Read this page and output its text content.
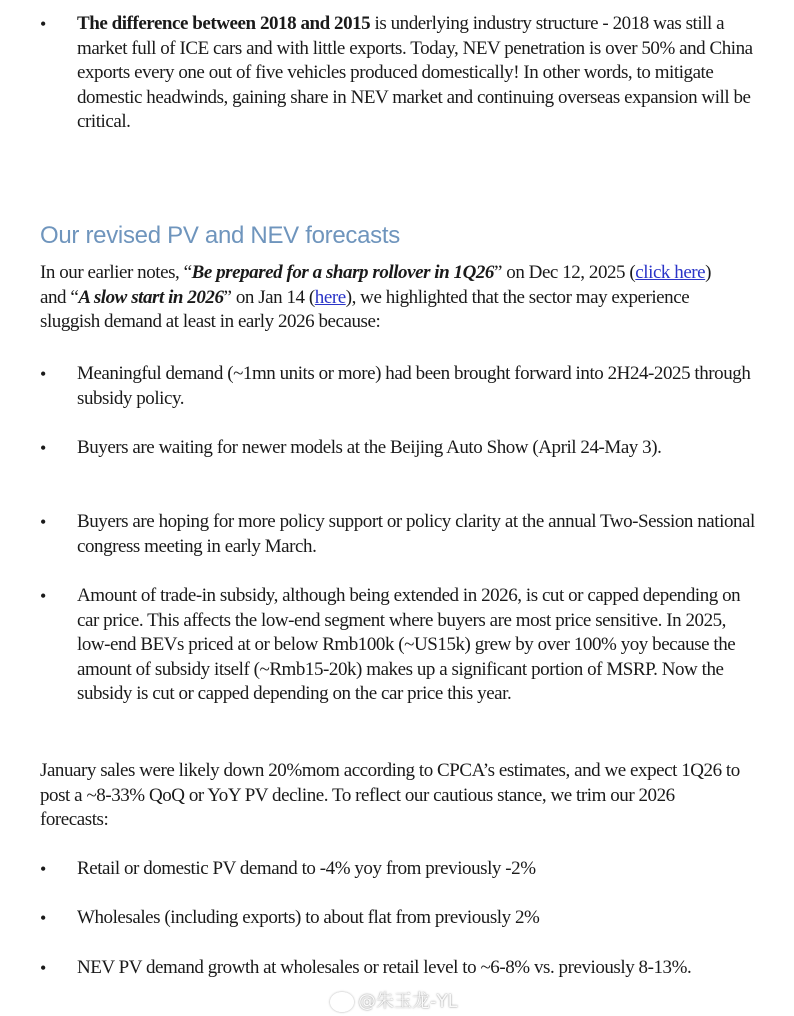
• The difference between 2018 and 2015 is underlying industry structure - 2018 was still a market full of ICE cars and with little exports. Today, NEV penetration is over 50% and China exports every one out of five vehicles produced domestically! In other words, to mitigate domestic headwinds, gaining share in NEV market and continuing overseas expansion will be critical.
Our revised PV and NEV forecasts
In our earlier notes, “Be prepared for a sharp rollover in 1Q26” on Dec 12, 2025 (click here) and “A slow start in 2026” on Jan 14 (here), we highlighted that the sector may experience sluggish demand at least in early 2026 because:
• Meaningful demand (~1mn units or more) had been brought forward into 2H24-2025 through subsidy policy.
• Buyers are waiting for newer models at the Beijing Auto Show (April 24-May 3).
• Buyers are hoping for more policy support or policy clarity at the annual Two-Session national congress meeting in early March.
• Amount of trade-in subsidy, although being extended in 2026, is cut or capped depending on car price. This affects the low-end segment where buyers are most price sensitive. In 2025, low-end BEVs priced at or below Rmb100k (~US15k) grew by over 100% yoy because the amount of subsidy itself (~Rmb15-20k) makes up a significant portion of MSRP. Now the subsidy is cut or capped depending on the car price this year.
January sales were likely down 20%mom according to CPCA’s estimates, and we expect 1Q26 to post a ~8-33% QoQ or YoY PV decline. To reflect our cautious stance, we trim our 2026 forecasts:
• Retail or domestic PV demand to -4% yoy from previously -2%
• Wholesales (including exports) to about flat from previously 2%
• NEV PV demand growth at wholesales or retail level to ~6-8% vs. previously 8-13%.
@朱玉龙-YL
